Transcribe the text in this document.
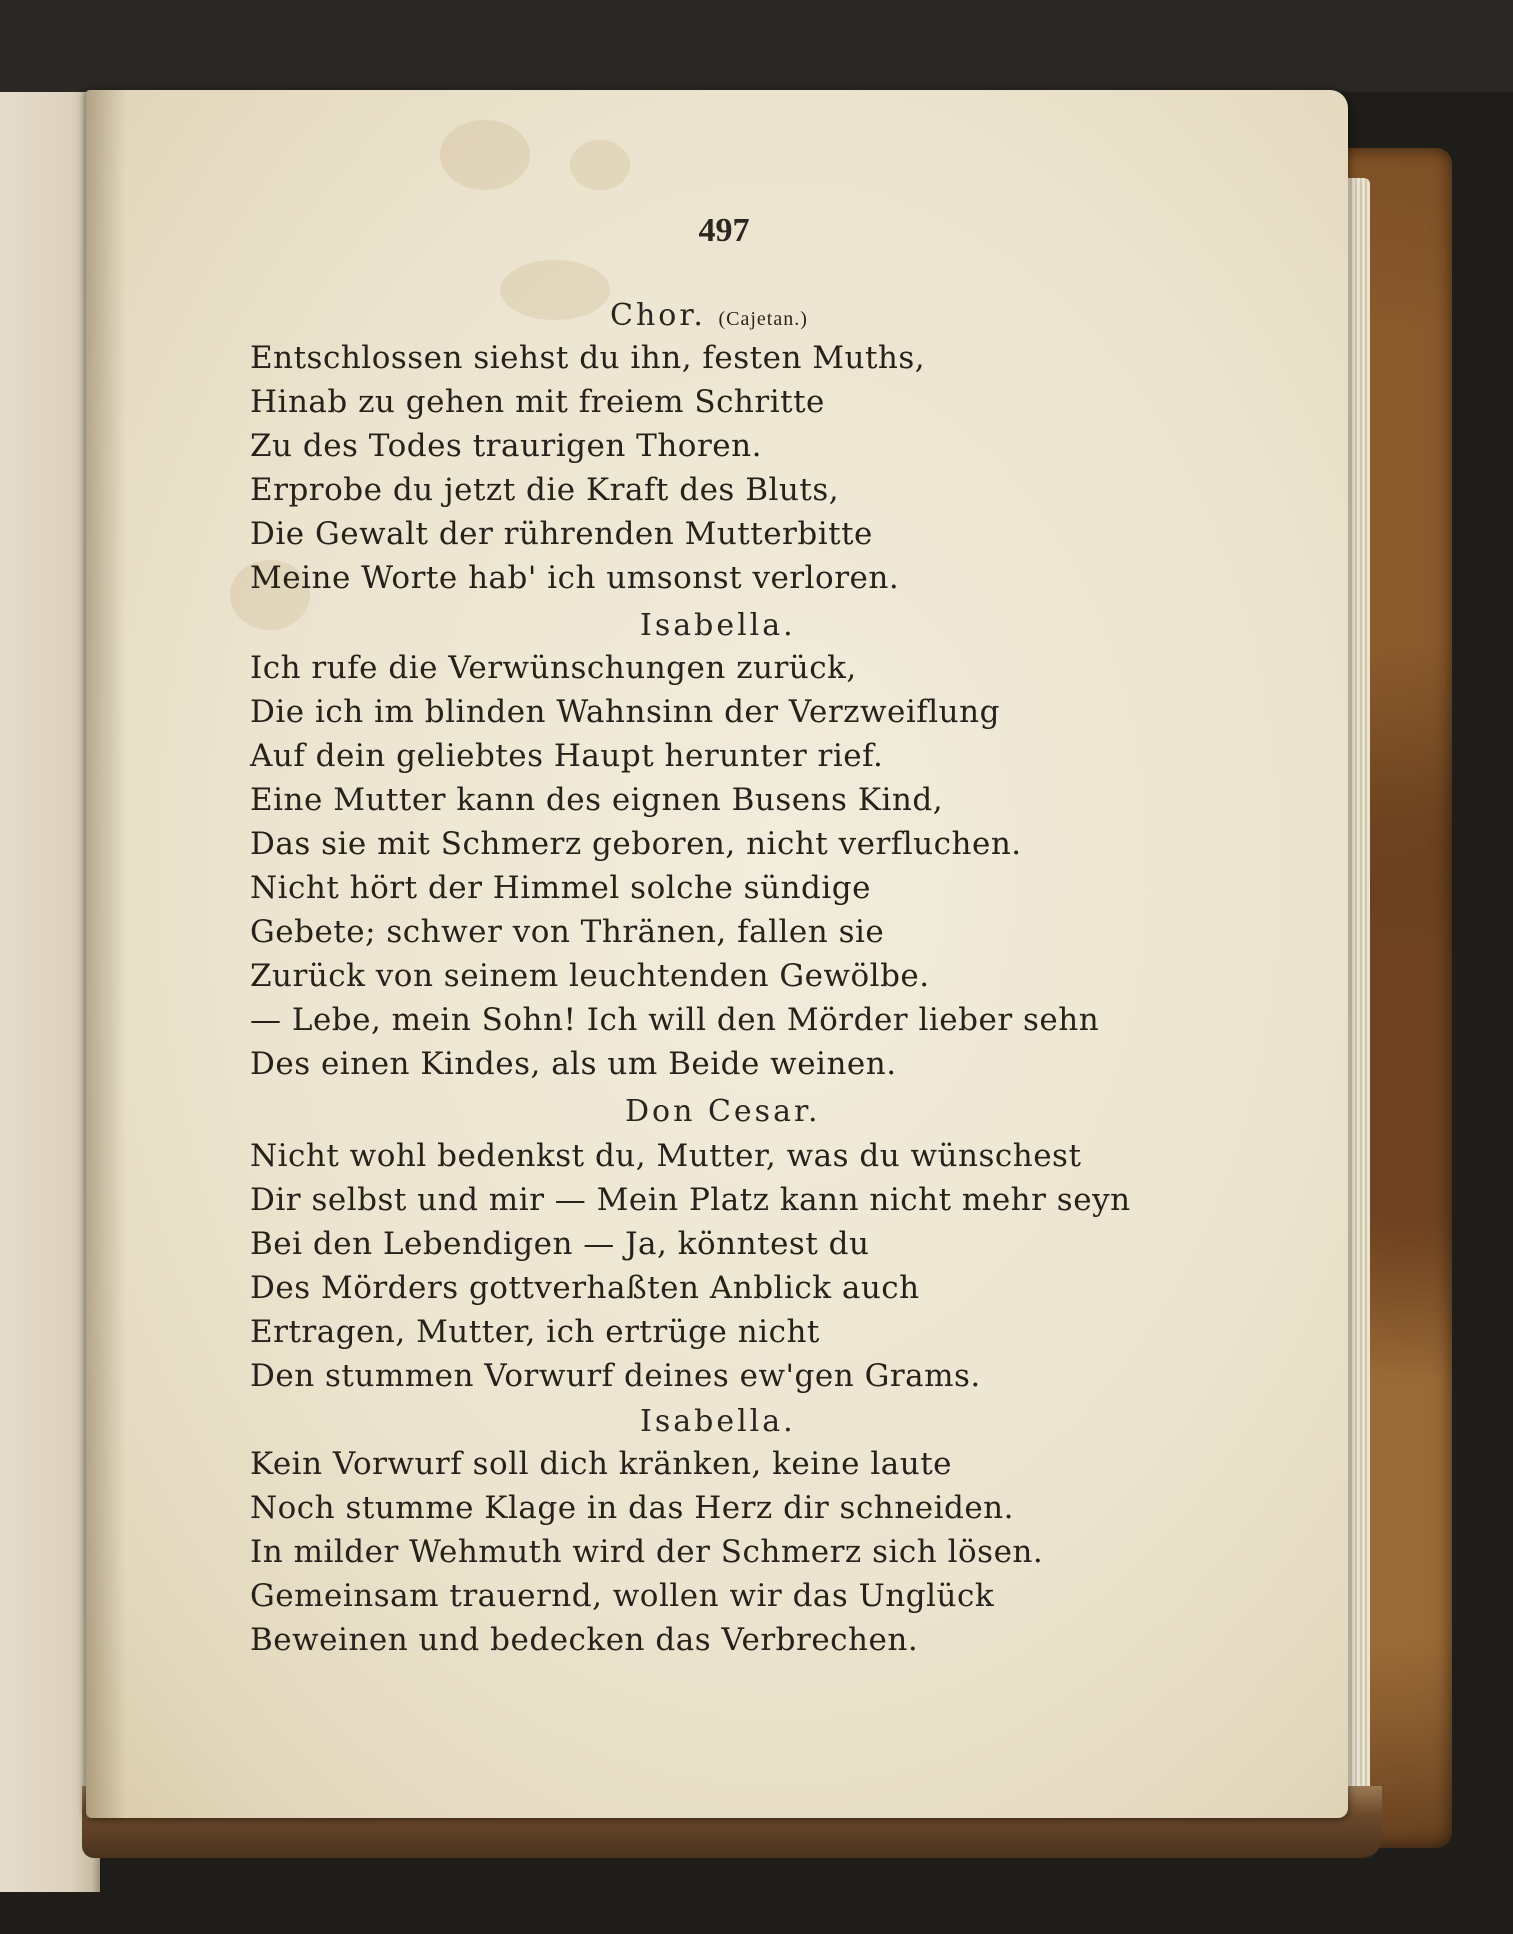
497
Chor. (Cajetan.)
Entschlossen siehst du ihn, festen Muths,
Hinab zu gehen mit freiem Schritte
Zu des Todes traurigen Thoren.
Erprobe du jetzt die Kraft des Bluts,
Die Gewalt der rührenden Mutterbitte
Meine Worte hab' ich umsonst verloren.
Isabella.
Ich rufe die Verwünschungen zurück,
Die ich im blinden Wahnsinn der Verzweiflung
Auf dein geliebtes Haupt herunter rief.
Eine Mutter kann des eignen Busens Kind,
Das sie mit Schmerz geboren, nicht verfluchen.
Nicht hört der Himmel solche sündige
Gebete; schwer von Thränen, fallen sie
Zurück von seinem leuchtenden Gewölbe.
— Lebe, mein Sohn! Ich will den Mörder lieber sehn
Des einen Kindes, als um Beide weinen.
Don Cesar.
Nicht wohl bedenkst du, Mutter, was du wünschest
Dir selbst und mir — Mein Platz kann nicht mehr seyn
Bei den Lebendigen — Ja, könntest du
Des Mörders gottverhaßten Anblick auch
Ertragen, Mutter, ich ertrüge nicht
Den stummen Vorwurf deines ew'gen Grams.
Isabella.
Kein Vorwurf soll dich kränken, keine laute
Noch stumme Klage in das Herz dir schneiden.
In milder Wehmuth wird der Schmerz sich lösen.
Gemeinsam trauernd, wollen wir das Unglück
Beweinen und bedecken das Verbrechen.
